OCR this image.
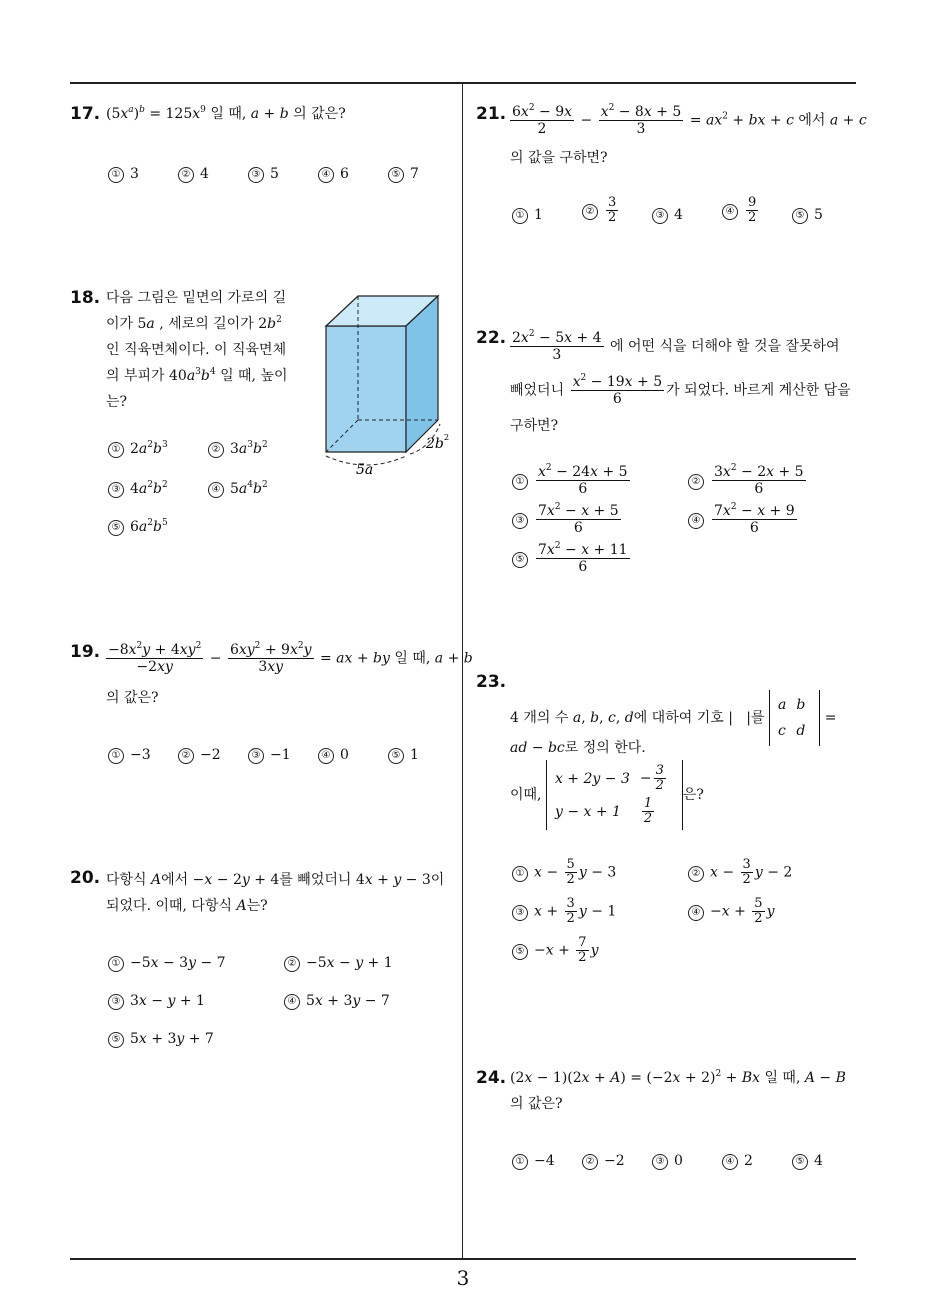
3
17. $(5x^a)^b = 125x^9$ 일 때, a + b 의 값은?
① 3	② 4	③ 5	④ 6	⑤ 7
18. 다음 그림은 밑면의 가로의 길
이가 5a , 세로의 길이가 $2b^2$
인 직육면체이다. 이 직육면체
의 부피가 $40a^3b^4$ 일 때, 높이
는?
5a
2b 2
① $2a^2b^3$	② $3a^3b^2$
③ $4a^2b^2$	④ $5a^4b^2$
⑤ $6a^2b^5$
19. $\frac{-8x^2y + 4xy^2}{-2xy} - \frac{6xy^2 + 9x^2y}{3xy}$ = ax + by 일 때, a + b
의 값은?
① −3	② −2	③ −1	④ 0	⑤ 1
20. 다항식 A에서 −x − 2y + 4를 빼었더니 4x + y − 3이
되었다. 이때, 다항식 A는?
① −5x − 3y − 7	② −5x − y + 1
③ 3x − y + 1	④ 5x + 3y − 7
⑤ 5x + 3y + 7
21. $\frac{6x^2 - 9x}{2} - \frac{x^2 - 8x + 5}{3} = ax^2$ + bx + c 에서 a + c
의 값을 구하면?
① 1	② $\frac{3}{2}$	③ 4	④ $\frac{9}{2}$	⑤ 5
22. $\frac{2x^2 - 5x + 4}{3}$ 에 어떤 식을 더해야 할 것을 잘못하여
빼었더니 $\frac{x^2 - 19x + 5}{6}$ 가 되었다. 바르게 계산한 답을
구하면?
① $\frac{x^2 - 24x + 5}{6}$	② $\frac{3x^2 - 2x + 5}{6}$
③ $\frac{7x^2 - x + 5}{6}$	④ $\frac{7x^2 - x + 9}{6}$
⑤ $\frac{7x^2 - x + 11}{6}$
23.
4 개의 수 a, b, c, d에 대하여 기호 |   |를
a	b
c	d
=
ad − bc로 정의 한다.
이때,
x + 2y − 3	− $\frac{3}{2}$

y − x + 1	$\frac{1}{2}$
은?
① $x - \frac{5}{2}$ y − 3	② $x - \frac{3}{2}$ y − 2
③ $x + \frac{3}{2}$ y − 1	④ $-x + \frac{5}{2}$ y
⑤ $-x + \frac{7}{2}$ y
24. $(2x - 1)(2x + A) = (-2x + 2)^2 + Bx$ 일 때, A − B
의 값은?
① −4	② −2	③ 0	④ 2	⑤ 4
